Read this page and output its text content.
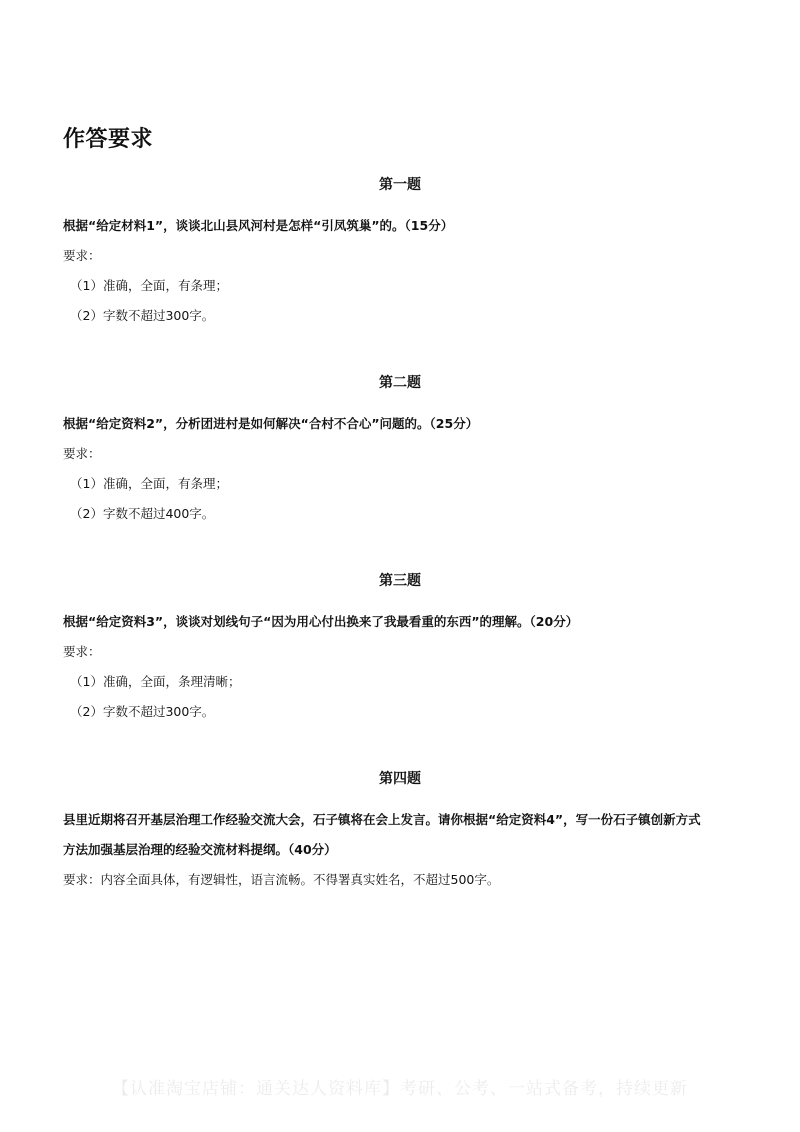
作答要求
第一题
根据“给定材料1”，谈谈北山县风河村是怎样“引凤筑巢”的。（15分）
要求：
（1）准确，全面，有条理；
（2）字数不超过300字。
第二题
根据“给定资料2”，分析团进村是如何解决“合村不合心”问题的。（25分）
要求：
（1）准确，全面，有条理；
（2）字数不超过400字。
第三题
根据“给定资料3”，谈谈对划线句子“因为用心付出换来了我最看重的东西”的理解。（20分）
要求：
（1）准确，全面，条理清晰；
（2）字数不超过300字。
第四题
县里近期将召开基层治理工作经验交流大会，石子镇将在会上发言。请你根据“给定资料4”，写一份石子镇创新方式
方法加强基层治理的经验交流材料提纲。（40分）
要求：内容全面具体，有逻辑性，语言流畅。不得署真实姓名，不超过500字。
【认准淘宝店铺：通关达人资料库】考研、公考、一站式备考，持续更新
